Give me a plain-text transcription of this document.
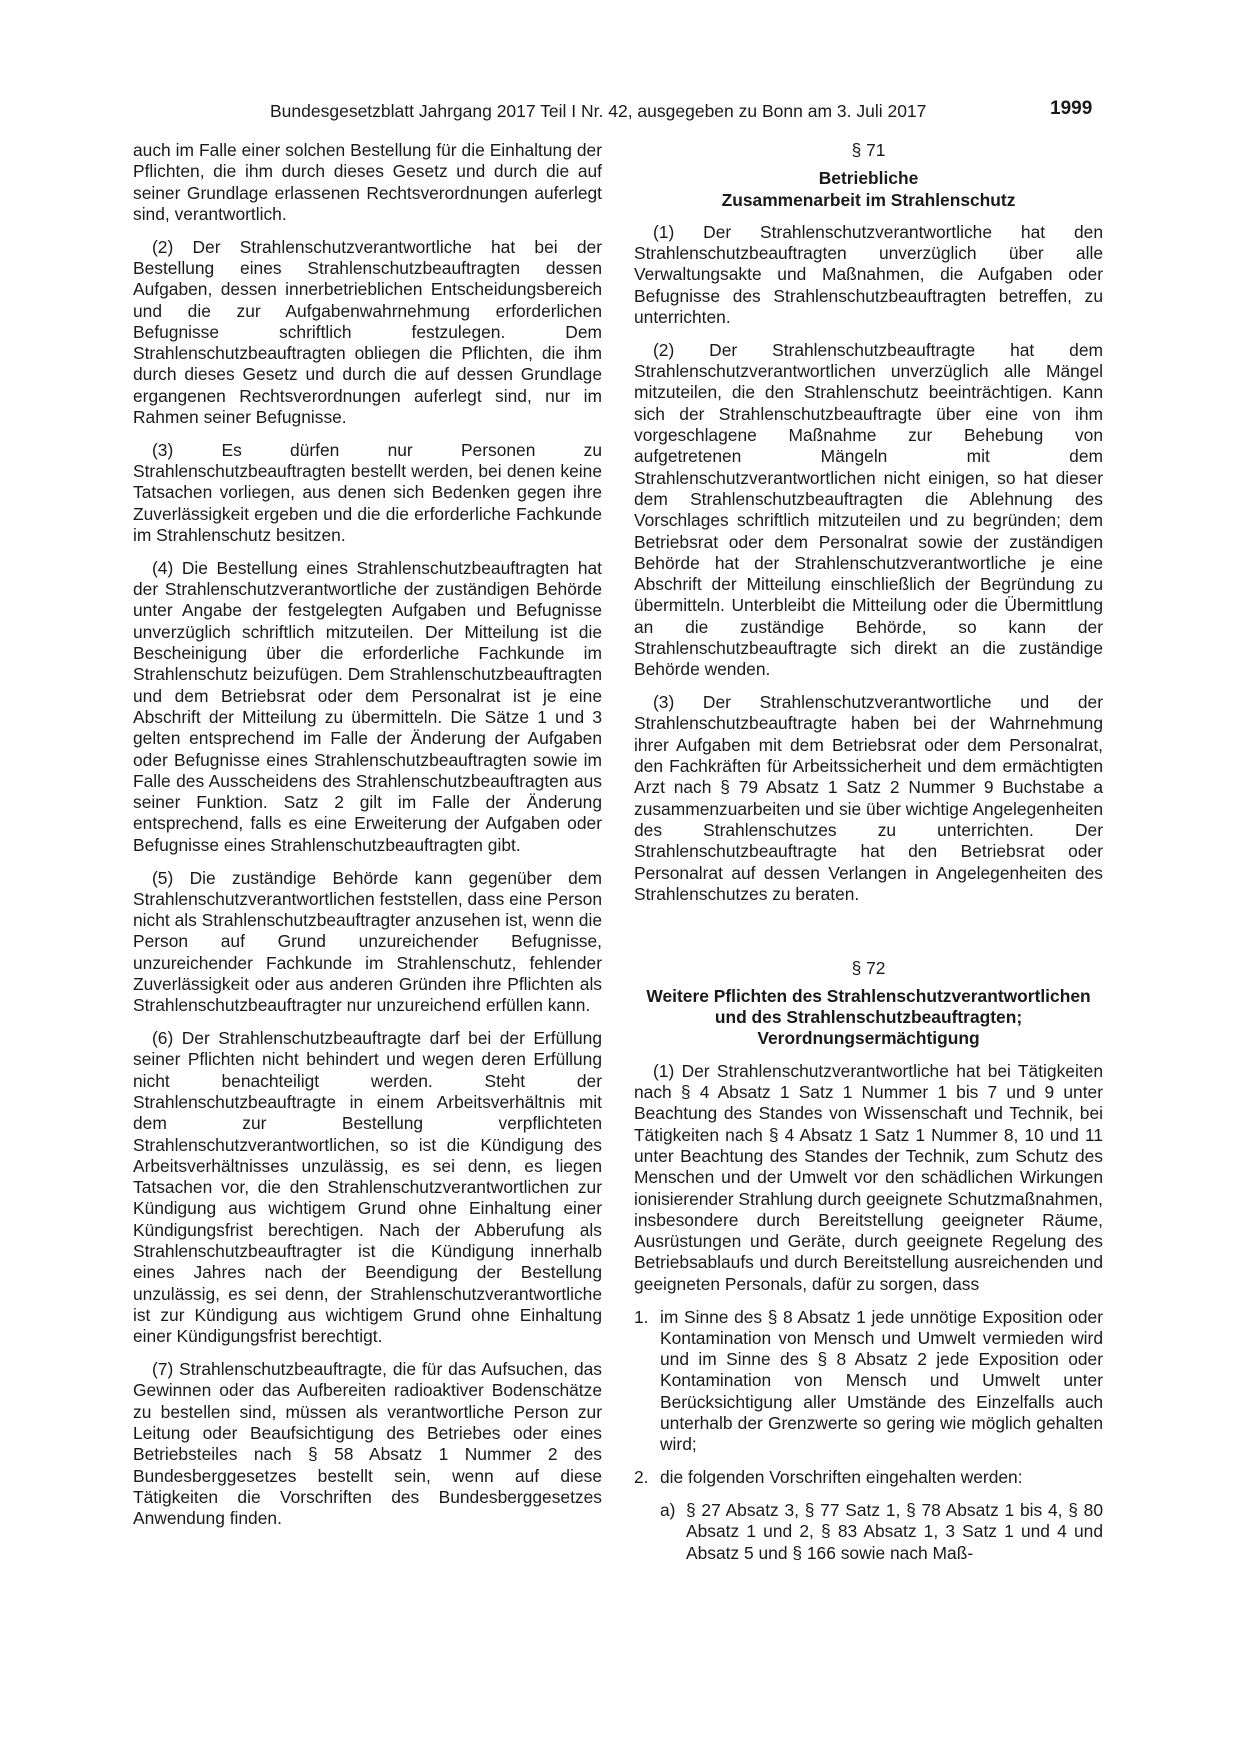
Bundesgesetzblatt Jahrgang 2017 Teil I Nr. 42, ausgegeben zu Bonn am 3. Juli 2017	1999

auch im Falle einer solchen Bestellung für die Einhaltung der Pflichten, die ihm durch dieses Gesetz und durch die auf seiner Grundlage erlassenen Rechtsverordnungen auferlegt sind, verantwortlich.

(2) Der Strahlenschutzverantwortliche hat bei der Bestellung eines Strahlenschutzbeauftragten dessen Aufgaben, dessen innerbetrieblichen Entscheidungsbereich und die zur Aufgabenwahrnehmung erforderlichen Befugnisse schriftlich festzulegen. Dem Strahlenschutzbeauftragten obliegen die Pflichten, die ihm durch dieses Gesetz und durch die auf dessen Grundlage ergangenen Rechtsverordnungen auferlegt sind, nur im Rahmen seiner Befugnisse.

(3) Es dürfen nur Personen zu Strahlenschutzbeauftragten bestellt werden, bei denen keine Tatsachen vorliegen, aus denen sich Bedenken gegen ihre Zuverlässigkeit ergeben und die die erforderliche Fachkunde im Strahlenschutz besitzen.

(4) Die Bestellung eines Strahlenschutzbeauftragten hat der Strahlenschutzverantwortliche der zuständigen Behörde unter Angabe der festgelegten Aufgaben und Befugnisse unverzüglich schriftlich mitzuteilen. Der Mitteilung ist die Bescheinigung über die erforderliche Fachkunde im Strahlenschutz beizufügen. Dem Strahlenschutzbeauftragten und dem Betriebsrat oder dem Personalrat ist je eine Abschrift der Mitteilung zu übermitteln. Die Sätze 1 und 3 gelten entsprechend im Falle der Änderung der Aufgaben oder Befugnisse eines Strahlenschutzbeauftragten sowie im Falle des Ausscheidens des Strahlenschutzbeauftragten aus seiner Funktion. Satz 2 gilt im Falle der Änderung entsprechend, falls es eine Erweiterung der Aufgaben oder Befugnisse eines Strahlenschutzbeauftragten gibt.

(5) Die zuständige Behörde kann gegenüber dem Strahlenschutzverantwortlichen feststellen, dass eine Person nicht als Strahlenschutzbeauftragter anzusehen ist, wenn die Person auf Grund unzureichender Befugnisse, unzureichender Fachkunde im Strahlenschutz, fehlender Zuverlässigkeit oder aus anderen Gründen ihre Pflichten als Strahlenschutzbeauftragter nur unzureichend erfüllen kann.

(6) Der Strahlenschutzbeauftragte darf bei der Erfüllung seiner Pflichten nicht behindert und wegen deren Erfüllung nicht benachteiligt werden. Steht der Strahlenschutzbeauftragte in einem Arbeitsverhältnis mit dem zur Bestellung verpflichteten Strahlenschutzverantwortlichen, so ist die Kündigung des Arbeitsverhältnisses unzulässig, es sei denn, es liegen Tatsachen vor, die den Strahlenschutzverantwortlichen zur Kündigung aus wichtigem Grund ohne Einhaltung einer Kündigungsfrist berechtigen. Nach der Abberufung als Strahlenschutzbeauftragter ist die Kündigung innerhalb eines Jahres nach der Beendigung der Bestellung unzulässig, es sei denn, der Strahlenschutzverantwortliche ist zur Kündigung aus wichtigem Grund ohne Einhaltung einer Kündigungsfrist berechtigt.

(7) Strahlenschutzbeauftragte, die für das Aufsuchen, das Gewinnen oder das Aufbereiten radioaktiver Bodenschätze zu bestellen sind, müssen als verantwortliche Person zur Leitung oder Beaufsichtigung des Betriebes oder eines Betriebsteiles nach § 58 Absatz 1 Nummer 2 des Bundesberggesetzes bestellt sein, wenn auf diese Tätigkeiten die Vorschriften des Bundesberggesetzes Anwendung finden.

§ 71
Betriebliche
Zusammenarbeit im Strahlenschutz

(1) Der Strahlenschutzverantwortliche hat den Strahlenschutzbeauftragten unverzüglich über alle Verwaltungsakte und Maßnahmen, die Aufgaben oder Befugnisse des Strahlenschutzbeauftragten betreffen, zu unterrichten.

(2) Der Strahlenschutzbeauftragte hat dem Strahlenschutzverantwortlichen unverzüglich alle Mängel mitzuteilen, die den Strahlenschutz beeinträchtigen. Kann sich der Strahlenschutzbeauftragte über eine von ihm vorgeschlagene Maßnahme zur Behebung von aufgetretenen Mängeln mit dem Strahlenschutzverantwortlichen nicht einigen, so hat dieser dem Strahlenschutzbeauftragten die Ablehnung des Vorschlages schriftlich mitzuteilen und zu begründen; dem Betriebsrat oder dem Personalrat sowie der zuständigen Behörde hat der Strahlenschutzverantwortliche je eine Abschrift der Mitteilung einschließlich der Begründung zu übermitteln. Unterbleibt die Mitteilung oder die Übermittlung an die zuständige Behörde, so kann der Strahlenschutzbeauftragte sich direkt an die zuständige Behörde wenden.

(3) Der Strahlenschutzverantwortliche und der Strahlenschutzbeauftragte haben bei der Wahrnehmung ihrer Aufgaben mit dem Betriebsrat oder dem Personalrat, den Fachkräften für Arbeitssicherheit und dem ermächtigten Arzt nach § 79 Absatz 1 Satz 2 Nummer 9 Buchstabe a zusammenzuarbeiten und sie über wichtige Angelegenheiten des Strahlenschutzes zu unterrichten. Der Strahlenschutzbeauftragte hat den Betriebsrat oder Personalrat auf dessen Verlangen in Angelegenheiten des Strahlenschutzes zu beraten.

§ 72
Weitere Pflichten des Strahlenschutzverantwortlichen und des Strahlenschutzbeauftragten; Verordnungsermächtigung

(1) Der Strahlenschutzverantwortliche hat bei Tätigkeiten nach § 4 Absatz 1 Satz 1 Nummer 1 bis 7 und 9 unter Beachtung des Standes von Wissenschaft und Technik, bei Tätigkeiten nach § 4 Absatz 1 Satz 1 Nummer 8, 10 und 11 unter Beachtung des Standes der Technik, zum Schutz des Menschen und der Umwelt vor den schädlichen Wirkungen ionisierender Strahlung durch geeignete Schutzmaßnahmen, insbesondere durch Bereitstellung geeigneter Räume, Ausrüstungen und Geräte, durch geeignete Regelung des Betriebsablaufs und durch Bereitstellung ausreichenden und geeigneten Personals, dafür zu sorgen, dass

1. im Sinne des § 8 Absatz 1 jede unnötige Exposition oder Kontamination von Mensch und Umwelt vermieden wird und im Sinne des § 8 Absatz 2 jede Exposition oder Kontamination von Mensch und Umwelt unter Berücksichtigung aller Umstände des Einzelfalls auch unterhalb der Grenzwerte so gering wie möglich gehalten wird;
2. die folgenden Vorschriften eingehalten werden:
a) § 27 Absatz 3, § 77 Satz 1, § 78 Absatz 1 bis 4, § 80 Absatz 1 und 2, § 83 Absatz 1, 3 Satz 1 und 4 und Absatz 5 und § 166 sowie nach Maß-
